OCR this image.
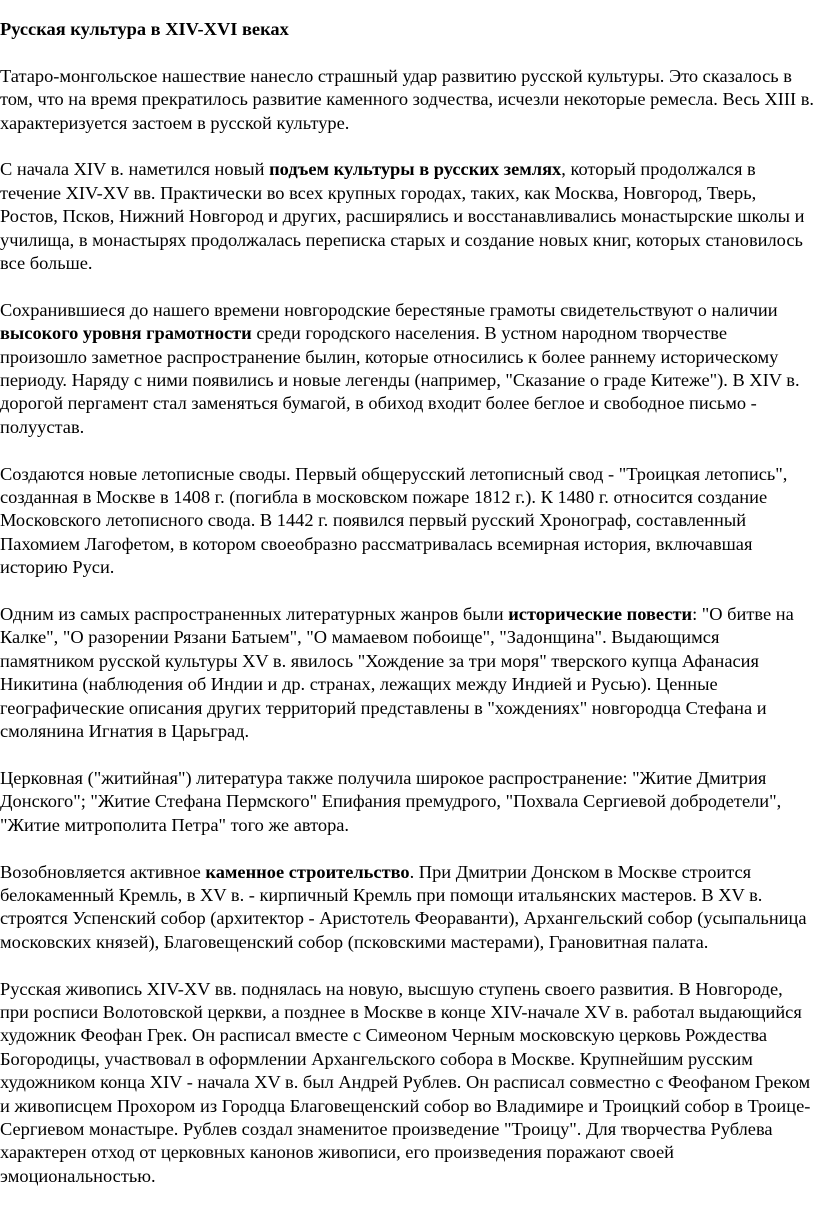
Русская культура в XIV-XVI веках

Татаро-монгольское нашествие нанесло страшный удар развитию русской культуры. Это сказалось в том, что на время прекратилось развитие каменного зодчества, исчезли некоторые ремесла. Весь XIII в. характеризуется застоем в русской культуре.

С начала XIV в. наметился новый подъем культуры в русских землях, который продолжался в течение XIV-XV вв. Практически во всех крупных городах, таких, как Москва, Новгород, Тверь, Ростов, Псков, Нижний Новгород и других, расширялись и восстанавливались монастырские школы и училища, в монастырях продолжалась переписка старых и создание новых книг, которых становилось все больше.

Сохранившиеся до нашего времени новгородские берестяные грамоты свидетельствуют о наличии высокого уровня грамотности среди городского населения. В устном народном творчестве произошло заметное распространение былин, которые относились к более раннему историческому периоду. Наряду с ними появились и новые легенды (например, "Сказание о граде Китеже"). В XIV в. дорогой пергамент стал заменяться бумагой, в обиход входит более беглое и свободное письмо - полуустав.

Создаются новые летописные своды. Первый общерусский летописный свод - "Троицкая летопись", созданная в Москве в 1408 г. (погибла в московском пожаре 1812 г.). К 1480 г. относится создание Московского летописного свода. В 1442 г. появился первый русский Хронограф, составленный Пахомием Лагофетом, в котором своеобразно рассматривалась всемирная история, включавшая историю Руси.

Одним из самых распространенных литературных жанров были исторические повести: "О битве на Калке", "О разорении Рязани Батыем", "О мамаевом побоище", "Задонщина". Выдающимся памятником русской культуры XV в. явилось "Хождение за три моря" тверского купца Афанасия Никитина (наблюдения об Индии и др. странах, лежащих между Индией и Русью). Ценные географические описания других территорий представлены в "хождениях" новгородца Стефана и смолянина Игнатия в Царьград.

Церковная ("житийная") литература также получила широкое распространение: "Житие Дмитрия Донского"; "Житие Стефана Пермского" Епифания премудрого, "Похвала Сергиевой добродетели", "Житие митрополита Петра" того же автора.

Возобновляется активное каменное строительство. При Дмитрии Донском в Москве строится белокаменный Кремль, в XV в. - кирпичный Кремль при помощи итальянских мастеров. В XV в. строятся Успенский собор (архитектор - Аристотель Фeораванти), Архангельский собор (усыпальница московских князей), Благовещенский собор (псковскими мастерами), Грановитная палата.

Русская живопись XIV-XV вв. поднялась на новую, высшую ступень своего развития. В Новгороде, при росписи Волотовской церкви, а позднее в Москве в конце XIV-начале XV в. работал выдающийся художник Феофан Грек. Он расписал вместе с Симеоном Черным московскую церковь Рождества Богородицы, участвовал в оформлении Архангельского собора в Москве. Крупнейшим русским художником конца XIV - начала XV в. был Андрей Рублев. Он расписал совместно с Феофаном Греком и живописцем Прохором из Городца Благовещенский собор во Владимире и Троицкий собор в Троице-Сергиевом монастыре. Рублев создал знаменитое произведение "Троицу". Для творчества Рублева характерен отход от церковных канонов живописи, его произведения поражают своей эмоциональностью.
